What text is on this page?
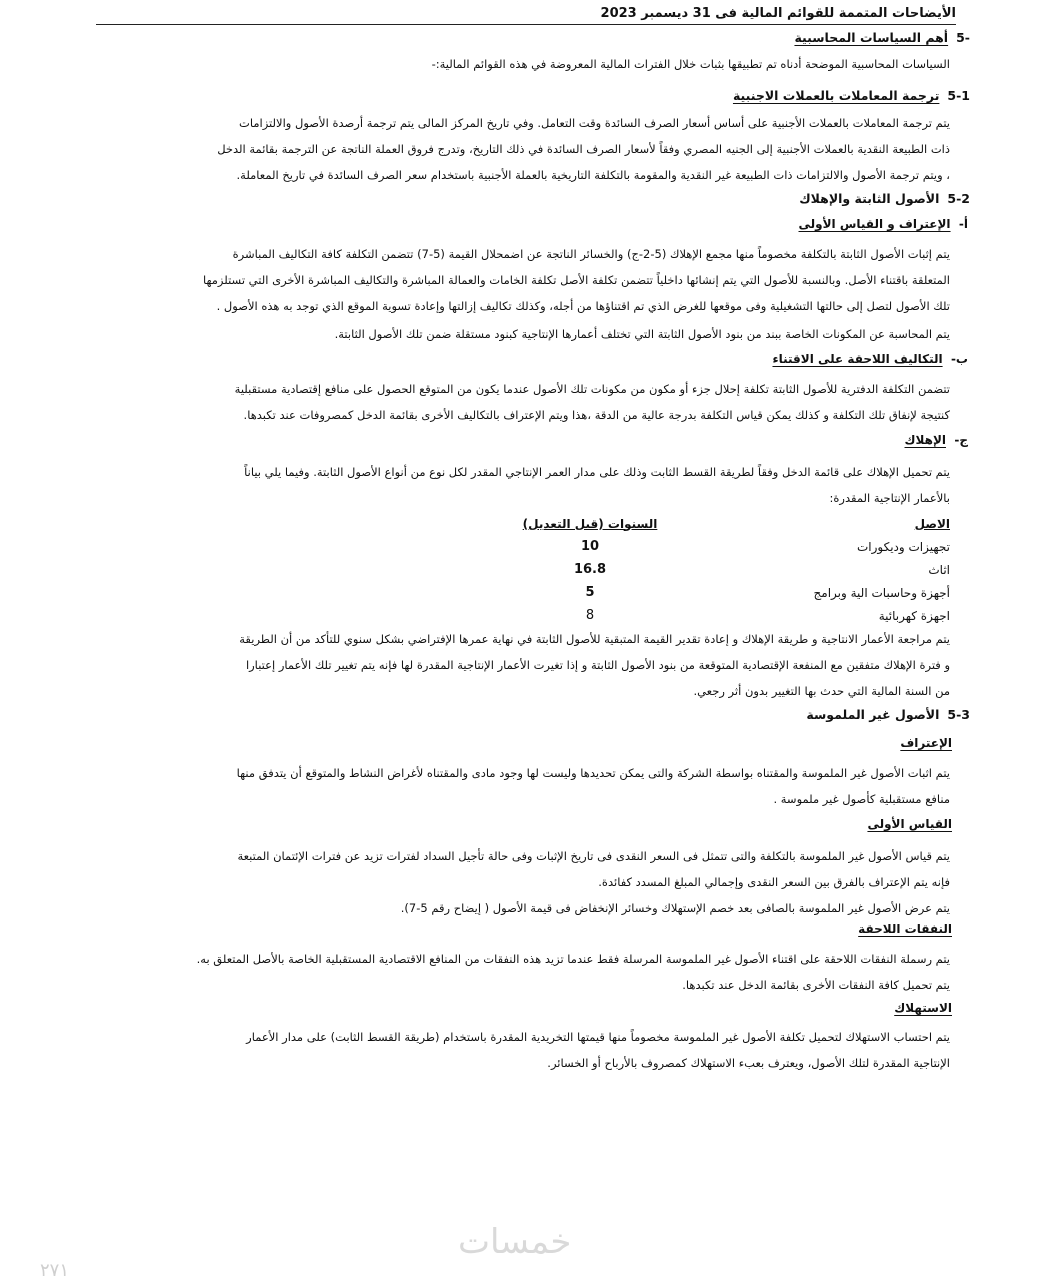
الأيضاحات المتممة للقوائم المالية فى 31 ديسمبر 2023
-5أهم السياسات المحاسبية
السياسات المحاسبية الموضحة أدناه تم تطبيقها بثبات خلال الفترات المالية المعروضة في هذه القوائم المالية:-
5-1ترجمة المعاملات بالعملات الاجنبية
يتم ترجمة المعاملات بالعملات الأجنبية على أساس أسعار الصرف السائدة وقت التعامل. وفي تاريخ المركز المالى يتم ترجمة أرصدة الأصول والالتزامات
ذات الطبيعة النقدية بالعملات الأجنبية إلى الجنيه المصري وفقاً لأسعار الصرف السائدة في ذلك التاريخ، وتدرج فروق العملة الناتجة عن الترجمة بقائمة الدخل
، ويتم ترجمة الأصول والالتزامات ذات الطبيعة غير النقدية والمقومة بالتكلفة التاريخية بالعملة الأجنبية باستخدام سعر الصرف السائدة في تاريخ المعاملة.
5-2الأصول الثابتة والإهلاك
أ-  الإعتراف و القياس الأولى
يتم إثبات الأصول الثابتة بالتكلفة مخصوماً منها مجمع الإهلاك (5-2-ج) والخسائر الناتجة عن اضمحلال القيمة (5-7) تتضمن التكلفة كافة التكاليف المباشرة
المتعلقة باقتناء الأصل. وبالنسبة للأصول التي يتم إنشائها داخلياً تتضمن تكلفة الأصل تكلفة الخامات والعمالة المباشرة والتكاليف المباشرة الأخرى التي تستلزمها
تلك الأصول لتصل إلى حالتها التشغيلية وفى موقعها للغرض الذي تم اقتناؤها من أجله، وكذلك تكاليف إزالتها وإعادة تسوية الموقع الذي توجد به هذه الأصول .
يتم المحاسبة عن المكونات الخاصة ببند من بنود الأصول الثابتة التي تختلف أعمارها الإنتاجية كبنود مستقلة ضمن تلك الأصول الثابتة.
ب-  التكاليف اللاحقة على الاقتناء
تتضمن التكلفة الدفترية للأصول الثابتة تكلفة إحلال جزء أو مكون من مكونات تلك الأصول عندما يكون من المتوقع الحصول على منافع إقتصادية مستقبلية
كنتيجة لإنفاق تلك التكلفة و كذلك يمكن قياس التكلفة بدرجة عالية من الدقة ،هذا ويتم الإعتراف بالتكاليف الأخرى بقائمة الدخل كمصروفات عند تكبدها.
ج-  الإهلاك
يتم تحميل الإهلاك على قائمة الدخل وفقاً لطريقة القسط الثابت وذلك على مدار العمر الإنتاجي المقدر لكل نوع من أنواع الأصول الثابتة. وفيما يلي بياناً
بالأعمار الإنتاجية المقدرة:
الاصل		السنوات (قبل التعديل)
تجهيزات وديكورات		10
اثاث		16.8
أجهزة وحاسبات الية وبرامج		5
اجهزة كهربائية		8
يتم مراجعة الأعمار الانتاجية و طريقة الإهلاك و إعادة تقدير القيمة المتبقية للأصول الثابتة في نهاية عمرها الإفتراضي بشكل سنوي للتأكد من أن الطريقة
و فترة الإهلاك متفقين مع المنفعة الإقتصادية المتوقعة من بنود الأصول الثابتة و إذا تغيرت الأعمار الإنتاجية المقدرة لها فإنه يتم تغيير تلك الأعمار إعتبارا
من السنة المالية التي حدث بها التغيير بدون أثر رجعي.
5-3الأصول غير الملموسة
الإعتراف
يتم اثبات الأصول غير الملموسة والمقتناه بواسطة الشركة والتى يمكن تحديدها وليست لها وجود مادى والمقتناه لأغراض النشاط والمتوقع أن يتدفق منها
منافع مستقبلية كأصول غير ملموسة .
القياس الأولى
يتم قياس الأصول غير الملموسة بالتكلفة والتى تتمثل فى السعر النقدى فى تاريخ الإثبات وفى حالة تأجيل السداد لفترات تزيد عن فترات الإئتمان المتبعة
فإنه يتم الإعتراف بالفرق بين السعر النقدى وإجمالي المبلغ المسدد كفائدة.
يتم عرض الأصول غير الملموسة بالصافى بعد خصم الإستهلاك وخسائر الإنخفاض فى قيمة الأصول ( إيضاح رقم 5-7).
النفقات اللاحقة
يتم رسملة النفقات اللاحقة على اقتناء الأصول غير الملموسة المرسلة فقط عندما تزيد هذه النفقات من المنافع الاقتصادية المستقبلية الخاصة بالأصل المتعلق به.
يتم تحميل كافة النفقات الأخرى بقائمة الدخل عند تكبدها.
الاستهلاك
يتم احتساب الاستهلاك لتحميل تكلفة الأصول غير الملموسة مخصوماً منها قيمتها التخريدية المقدرة باستخدام (طريقة القسط الثابت) على مدار الأعمار
الإنتاجية المقدرة لتلك الأصول، ويعترف بعبء الاستهلاك كمصروف بالأرباح أو الخسائر.
خمسات
٢٧١
